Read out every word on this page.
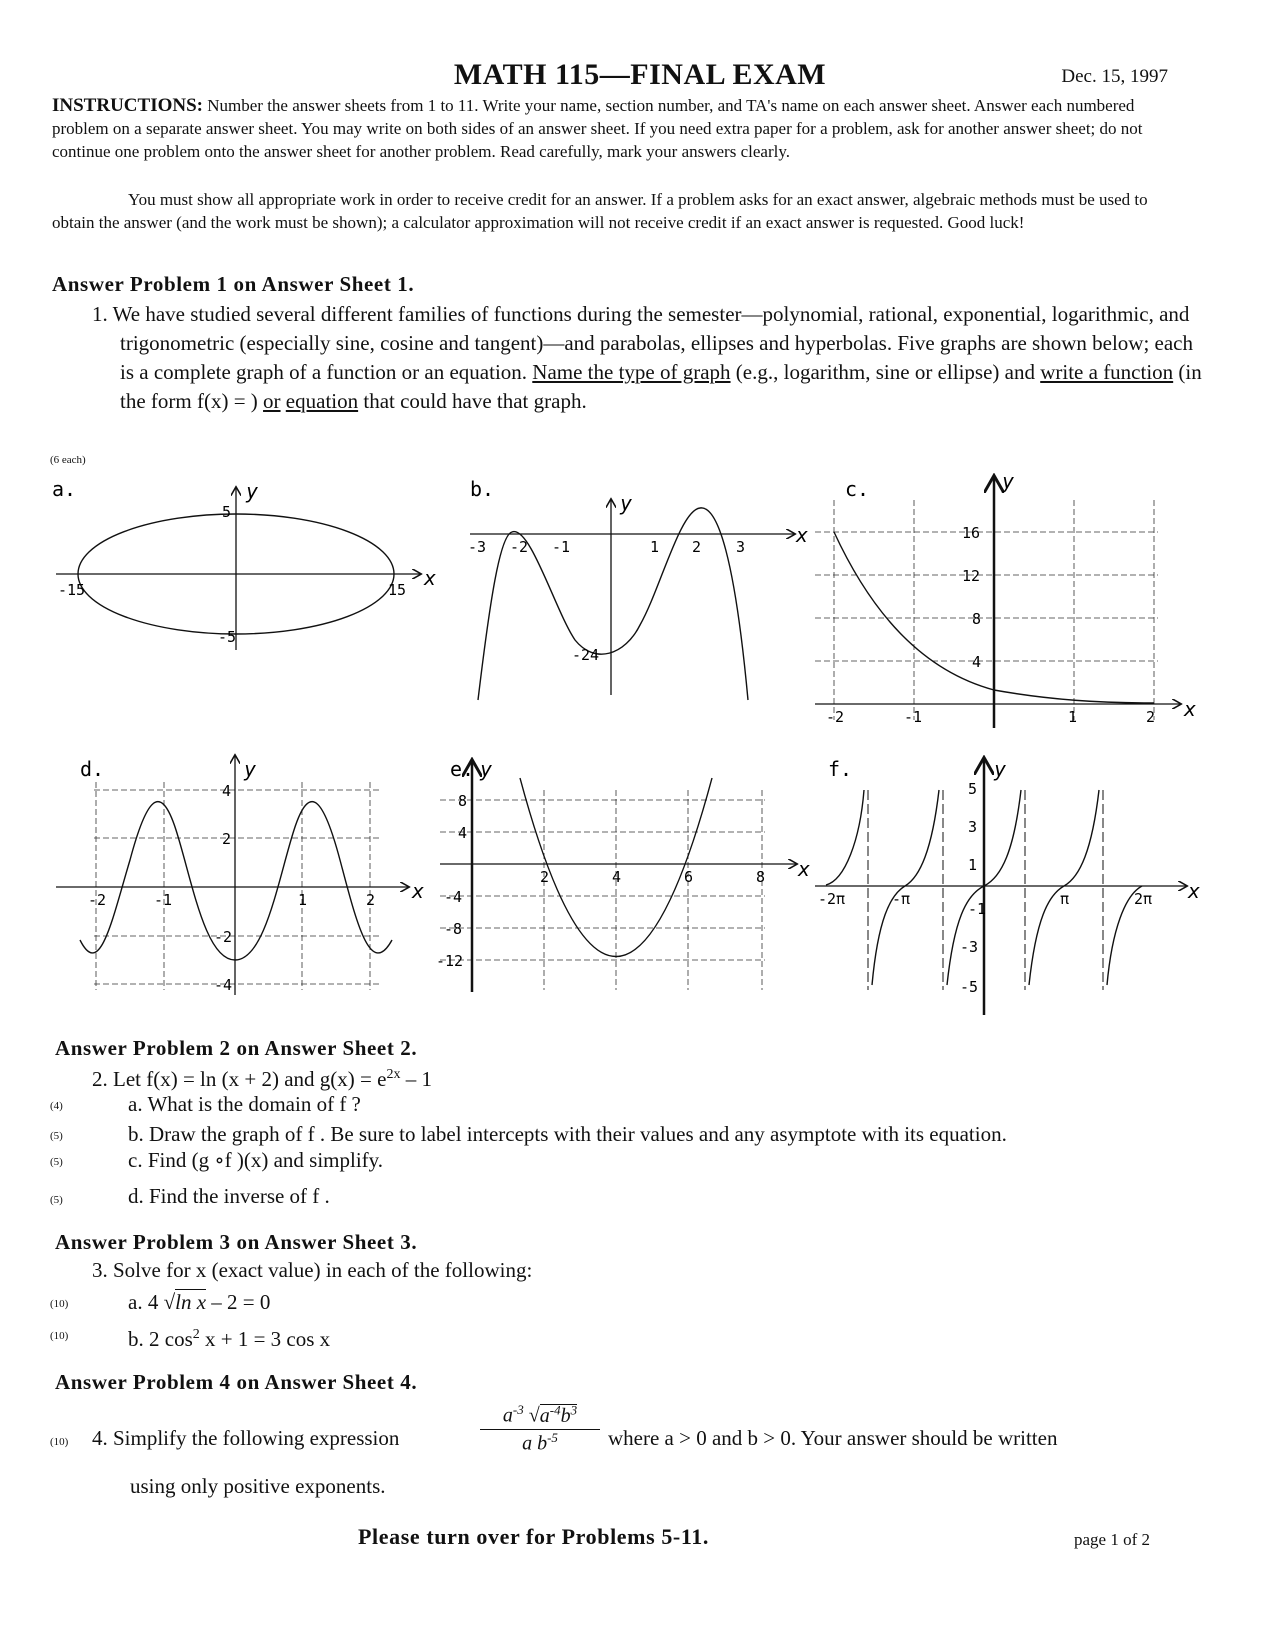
MATH 115—FINAL EXAM	Dec. 15, 1997
INSTRUCTIONS: Number the answer sheets from 1 to 11. Write your name, section number, and TA's name on each answer sheet. Answer each numbered problem on a separate answer sheet. You may write on both sides of an answer sheet. If you need extra paper for a problem, ask for another answer sheet; do not continue one problem onto the answer sheet for another problem. Read carefully, mark your answers clearly.
You must show all appropriate work in order to receive credit for an answer. If a problem asks for an exact answer, algebraic methods must be used to obtain the answer (and the work must be shown); a calculator approximation will not receive credit if an exact answer is requested. Good luck!
Answer Problem 1 on Answer Sheet 1.
1. We have studied several different families of functions during the semester—polynomial, rational, exponential, logarithmic, and trigonometric (especially sine, cosine and tangent)—and parabolas, ellipses and hyperbolas. Five graphs are shown below; each is a complete graph of a function or an equation. Name the type of graph (e.g., logarithm, sine or ellipse) and write a function (in the form f(x) = ) or equation that could have that graph.
(6 each)
a.
-15	15
5
-5
x
y	b.
-3 -2 -1	1 2 3
-24
x
y
c.
16
12
8
4
-2	-1	1	2 x
y
d.
4
2
-2
-4
-2	-1	1	2 x
y	e.
8
4
-4
-8
-12
2	4	6	8 x
y	f.
5
3
1
-1
-3
-5
-2π	-π	π	2π x
y
Answer Problem 2 on Answer Sheet 2.
2. Let f(x) = ln (x + 2) and $g(x) = e^{2x} - 1$
(4)	a. What is the domain of f ?
(5)	b. Draw the graph of f . Be sure to label intercepts with their values and any asymptote with its equation.
(5)	c. Find (g ∘f )(x) and simplify.
(5)	d. Find the inverse of f .
Answer Problem 3 on Answer Sheet 3.
3. Solve for x (exact value) in each of the following:
(10)	a. 4 √ln x – 2 = 0
(10)	b. 2 $\cos^2 x + 1 = 3$ cos x
Answer Problem 4 on Answer Sheet 4.
(10) 4. Simplify the following expression	$\frac{a^{-3} √a^{-4}b^3}{a b^{-5}}$ where a > 0 and b > 0. Your answer should be written
using only positive exponents.
Please turn over for Problems 5-11.	page 1 of 2
